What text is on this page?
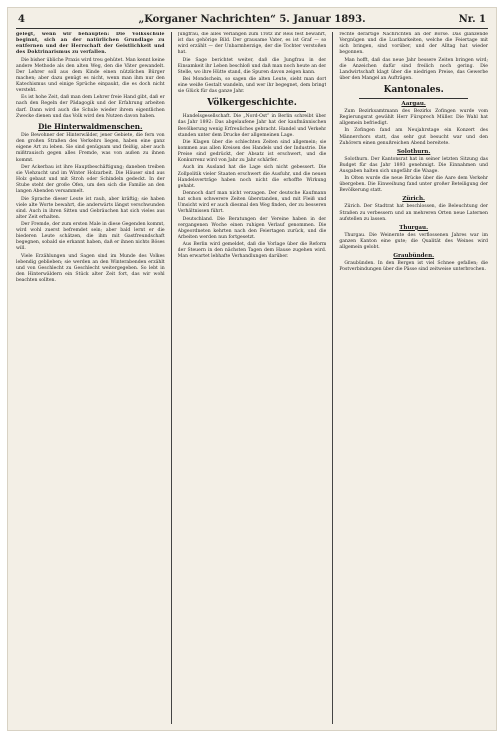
4	„Korganer Nachrichten“ 5. Januar 1893.	Nr. 1

gelegt, wenn wir behaupten: Die Volksschule beginnt, sich an der natürlichen Grundlage zu entfernen und der Herrschaft der Geistlichkeit und des Doktrinarismus zu verfallen.

Die bisher übliche Praxis wird treu gehütet. Man kennt keine andere Methode als den alten Weg, den die Väter gewandelt. Der Lehrer soll aus dem Kinde einen nützlichen Bürger machen; aber dazu genügt es nicht, wenn man ihm nur den Katechismus und einige Sprüche einpaukt, die es doch nicht versteht.

Es ist hohe Zeit, daß man dem Lehrer freie Hand gibt, daß er nach den Regeln der Pädagogik und der Erfahrung arbeiten darf. Dann wird auch die Schule wieder ihrem eigentlichen Zwecke dienen und das Volk wird den Nutzen davon haben.

Die Hinterwaldmenschen.

Die Bewohner der Hinterwälder, jener Gebiete, die fern von den großen Straßen des Verkehrs liegen, haben eine ganz eigene Art zu leben. Sie sind genügsam und fleißig, aber auch mißtrauisch gegen alles Fremde, was von außen zu ihnen kommt.

Der Ackerbau ist ihre Hauptbeschäftigung; daneben treiben sie Viehzucht und im Winter Holzarbeit. Die Häuser sind aus Holz gebaut und mit Stroh oder Schindeln gedeckt. In der Stube steht der große Ofen, um den sich die Familie an den langen Abenden versammelt.

Die Sprache dieser Leute ist rauh, aber kräftig; sie haben viele alte Worte bewahrt, die anderwärts längst verschwunden sind. Auch in ihren Sitten und Gebräuchen hat sich vieles aus alter Zeit erhalten.

Der Fremde, der zum ersten Male in diese Gegenden kommt, wird wohl zuerst befremdet sein; aber bald lernt er die biederen Leute schätzen, die ihm mit Gastfreundschaft begegnen, sobald sie erkannt haben, daß er ihnen nichts Böses will.

Viele Erzählungen und Sagen sind im Munde des Volkes lebendig geblieben; sie werden an den Winterabenden erzählt und von Geschlecht zu Geschlecht weitergegeben. So lebt in den Hinterwäldern ein Stück alter Zeit fort, das wir wohl beachten sollten.

Jungfrau, die alles Verlangen zum Trotz ihr Reis fest bewahrt, ist das gehörige Bild. Der grausame Vater, es ist Graf — so wird erzählt — der Unbarmherzige, der die Tochter verstoßen hat.

Die Sage berichtet weiter, daß die Jungfrau in der Einsamkeit ihr Leben beschloß und daß man noch heute an der Stelle, wo ihre Hütte stand, die Spuren davon zeigen kann.

Bei Mondschein, so sagen die alten Leute, sieht man dort eine weiße Gestalt wandeln, und wer ihr begegnet, dem bringt sie Glück für das ganze Jahr.

Völkergeschichte.

Handelsgesellschaft. Die „Nord-Ost“ in Berlin schreibt über das Jahr 1892: Das abgelaufene Jahr hat der kaufmännischen Bevölkerung wenig Erfreuliches gebracht. Handel und Verkehr standen unter dem Drucke der allgemeinen Lage.

Die Klagen über die schlechten Zeiten sind allgemein; sie kommen aus allen Kreisen des Handels und der Industrie. Die Preise sind gedrückt, der Absatz ist erschwert, und die Konkurrenz wird von Jahr zu Jahr schärfer.

Auch im Ausland hat die Lage sich nicht gebessert. Die Zollpolitik vieler Staaten erschwert die Ausfuhr, und die neuen Handelsverträge haben noch nicht die erhoffte Wirkung gehabt.

Dennoch darf man nicht verzagen. Der deutsche Kaufmann hat schon schwerere Zeiten überstanden, und mit Fleiß und Umsicht wird er auch diesmal den Weg finden, der zu besseren Verhältnissen führt.

Deutschland. Die Beratungen der Vereine haben in der vergangenen Woche einen ruhigen Verlauf genommen. Die Abgeordneten kehrten nach den Feiertagen zurück, und die Arbeiten werden nun fortgesetzt.

Aus Berlin wird gemeldet, daß die Vorlage über die Reform der Steuern in den nächsten Tagen dem Hause zugehen wird. Man erwartet lebhafte Verhandlungen darüber.

rechte derartige Nachrichten an der Börse. Das glänzende Vergnügen und die Lustbarkeiten, welche die Feiertage mit sich bringen, sind vorüber, und der Alltag hat wieder begonnen.

Man hofft, daß das neue Jahr bessere Zeiten bringen wird; die Anzeichen dafür sind freilich noch gering. Die Landwirtschaft klagt über die niedrigen Preise, das Gewerbe über den Mangel an Aufträgen.

Kantonales.
Aargau.

Zum Bezirksamtmann des Bezirks Zofingen wurde vom Regierungsrat gewählt Herr Fürsprech Müller. Die Wahl hat allgemein befriedigt.

In Zofingen fand am Neujahrstage ein Konzert des Männerchors statt, das sehr gut besucht war und den Zuhörern einen genußreichen Abend bereitete.

Solothurn.

Solothurn. Der Kantonsrat hat in seiner letzten Sitzung das Budget für das Jahr 1893 genehmigt. Die Einnahmen und Ausgaben halten sich ungefähr die Waage.

In Olten wurde die neue Brücke über die Aare dem Verkehr übergeben. Die Einweihung fand unter großer Beteiligung der Bevölkerung statt.

Zürich.

Zürich. Der Stadtrat hat beschlossen, die Beleuchtung der Straßen zu verbessern und an mehreren Orten neue Laternen aufstellen zu lassen.

Thurgau.

Thurgau. Die Weinernte des verflossenen Jahres war im ganzen Kanton eine gute; die Qualität des Weines wird allgemein gelobt.

Graubünden.

Graubünden. In den Bergen ist viel Schnee gefallen; die Postverbindungen über die Pässe sind zeitweise unterbrochen.
